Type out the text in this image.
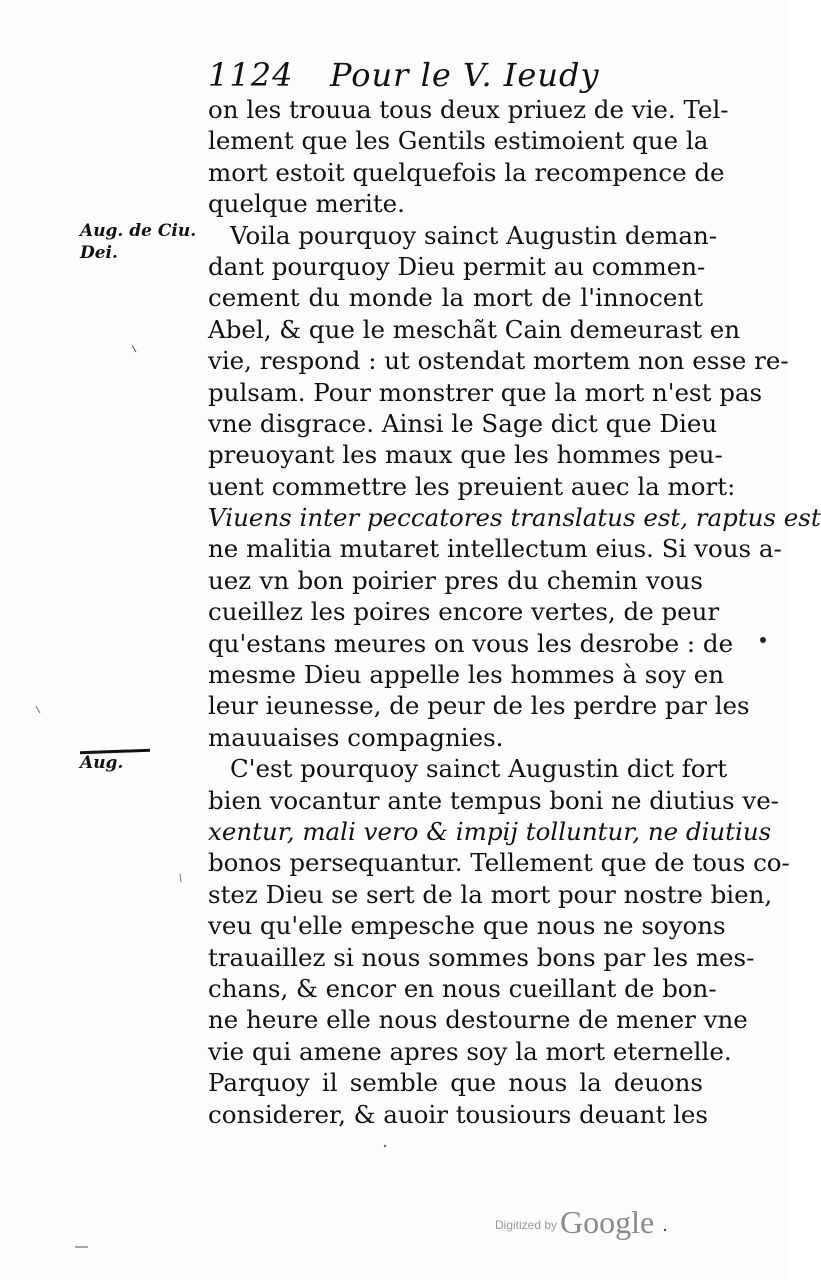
1124 Pour le V. Ieudy
Aug. de Ciu. Dei.
Aug.
on les trouua tous deux priuez de vie. Tel-
lement que les Gentils estimoient que la
mort estoit quelquefois la recompence de
quelque merite.
Voila pourquoy sainct Augustin deman-
dant pourquoy Dieu permit au commen-
cement du monde la mort de l'innocent
Abel, & que le meschãt Cain demeurast en
vie, respond : ut ostendat mortem non esse re-
pulsam. Pour monstrer que la mort n'est pas
vne disgrace. Ainsi le Sage dict que Dieu
preuoyant les maux que les hommes peu-
uent commettre les preuient auec la mort:
Viuens inter peccatores translatus est, raptus est
ne malitia mutaret intellectum eius. Si vous a-
uez vn bon poirier pres du chemin vous
cueillez les poires encore vertes, de peur
qu'estans meures on vous les desrobe : de
mesme Dieu appelle les hommes à soy en
leur ieunesse, de peur de les perdre par les
mauuaises compagnies.
C'est pourquoy sainct Augustin dict fort
bien vocantur ante tempus boni ne diutius ve-
xentur, mali vero & impij tolluntur, ne diutius
bonos persequantur. Tellement que de tous co-
stez Dieu se sert de la mort pour nostre bien,
veu qu'elle empesche que nous ne soyons
trauaillez si nous sommes bons par les mes-
chans, & encor en nous cueillant de bon-
ne heure elle nous destourne de mener vne
vie qui amene apres soy la mort eternelle.
Parquoy il semble que nous la deuons
considerer, & auoir tousiours deuant les
Digitized by Google
